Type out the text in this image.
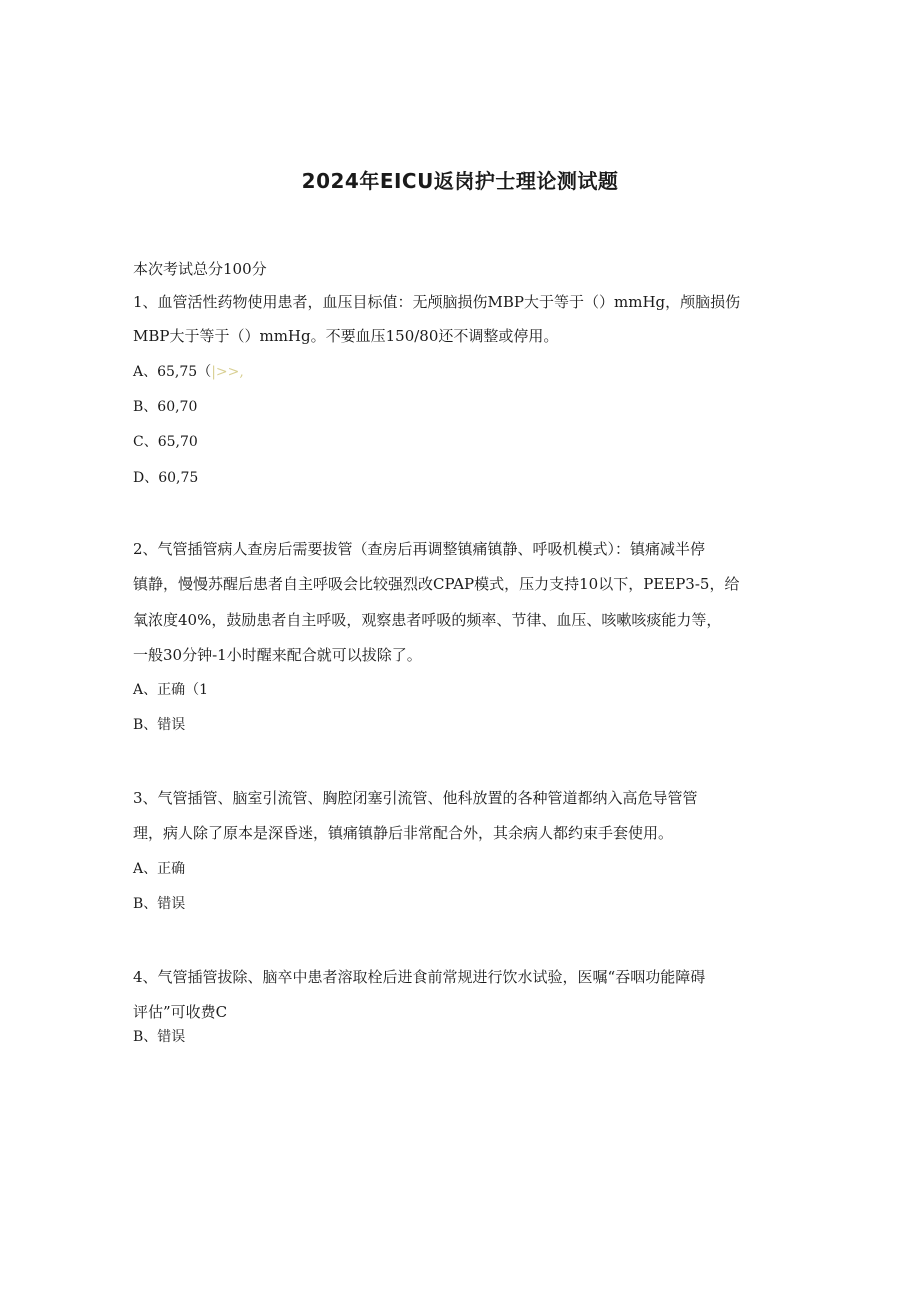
2024年EICU返岗护士理论测试题

本次考试总分100分

1、血管活性药物使用患者，血压目标值：无颅脑损伤MBP大于等于（）mmHg，颅脑损伤

MBP大于等于（）mmHg。不要血压150/80还不调整或停用。

A、65,75（|>>,

B、60,70

C、65,70

D、60,75

2、气管插管病人查房后需要拔管（查房后再调整镇痛镇静、呼吸机模式）：镇痛减半停

镇静，慢慢苏醒后患者自主呼吸会比较强烈改CPAP模式，压力支持10以下，PEEP3-5，给

氧浓度40%，鼓励患者自主呼吸，观察患者呼吸的频率、节律、血压、咳嗽咳痰能力等，

一般30分钟-1小时醒来配合就可以拔除了。

A、正确（1

B、错误

3、气管插管、脑室引流管、胸腔闭塞引流管、他科放置的各种管道都纳入高危导管管

理，病人除了原本是深昏迷，镇痛镇静后非常配合外，其余病人都约束手套使用。

A、正确

B、错误

4、气管插管拔除、脑卒中患者溶取栓后进食前常规进行饮水试验，医嘱“吞咽功能障碍

评估”可收费C

B、错误
